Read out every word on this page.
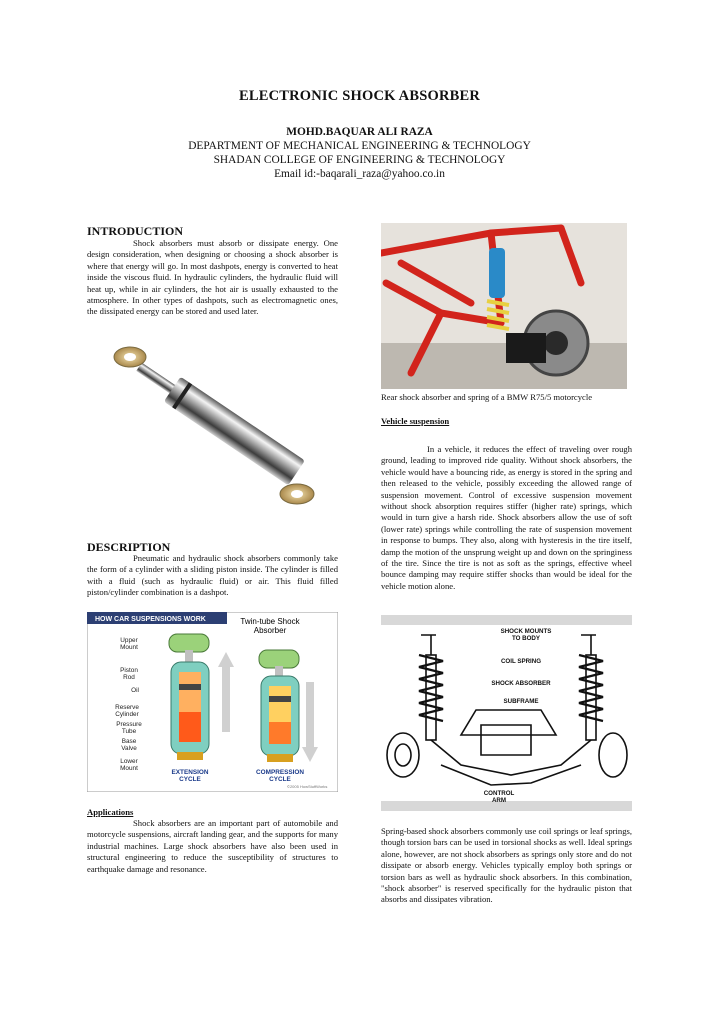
ELECTRONIC SHOCK ABSORBER
MOHD.BAQUAR ALI RAZA
DEPARTMENT OF MECHANICAL ENGINEERING & TECHNOLOGY
SHADAN COLLEGE OF ENGINEERING & TECHNOLOGY
Email id:-baqarali_raza@yahoo.co.in
INTRODUCTION
Shock absorbers must absorb or dissipate energy. One design consideration, when designing or choosing a shock absorber is where that energy will go. In most dashpots, energy is converted to heat inside the viscous fluid. In hydraulic cylinders, the hydraulic fluid will heat up, while in air cylinders, the hot air is usually exhausted to the atmosphere. In other types of dashpots, such as electromagnetic ones, the dissipated energy can be stored and used later.
DESCRIPTION
Pneumatic and hydraulic shock absorbers commonly take the form of a cylinder with a sliding piston inside. The cylinder is filled with a fluid (such as hydraulic fluid) or air. This fluid filled piston/cylinder combination is a dashpot.
HOW CAR SUSPENSIONS WORK	Twin-tube Shock
Absorber
Upper
Mount
Piston
Rod
Oil
Reserve
Cylinder
Pressure
Tube
Base
Valve
Lower
Mount
EXTENSION
CYCLE
COMPRESSION
CYCLE
©2005 HowStuffWorks
Applications
Shock absorbers are an important part of automobile and motorcycle suspensions, aircraft landing gear, and the supports for many industrial machines. Large shock absorbers have also been used in structural engineering to reduce the susceptibility of structures to earthquake damage and resonance.
Rear shock absorber and spring of a BMW R75/5 motorcycle
Vehicle suspension
In a vehicle, it reduces the effect of traveling over rough ground, leading to improved ride quality. Without shock absorbers, the vehicle would have a bouncing ride, as energy is stored in the spring and then released to the vehicle, possibly exceeding the allowed range of suspension movement. Control of excessive suspension movement without shock absorption requires stiffer (higher rate) springs, which would in turn give a harsh ride. Shock absorbers allow the use of soft (lower rate) springs while controlling the rate of suspension movement in response to bumps. They also, along with hysteresis in the tire itself, damp the motion of the unsprung weight up and down on the springiness of the tire. Since the tire is not as soft as the springs, effective wheel bounce damping may require stiffer shocks than would be ideal for the vehicle motion alone.
SHOCK MOUNTS
TO BODY
COIL SPRING
SHOCK ABSORBER
SUBFRAME
CONTROL
ARM
Spring-based shock absorbers commonly use coil springs or leaf springs, though torsion bars can be used in torsional shocks as well. Ideal springs alone, however, are not shock absorbers as springs only store and do not dissipate or absorb energy. Vehicles typically employ both springs or torsion bars as well as hydraulic shock absorbers. In this combination, "shock absorber" is reserved specifically for the hydraulic piston that absorbs and dissipates vibration.
